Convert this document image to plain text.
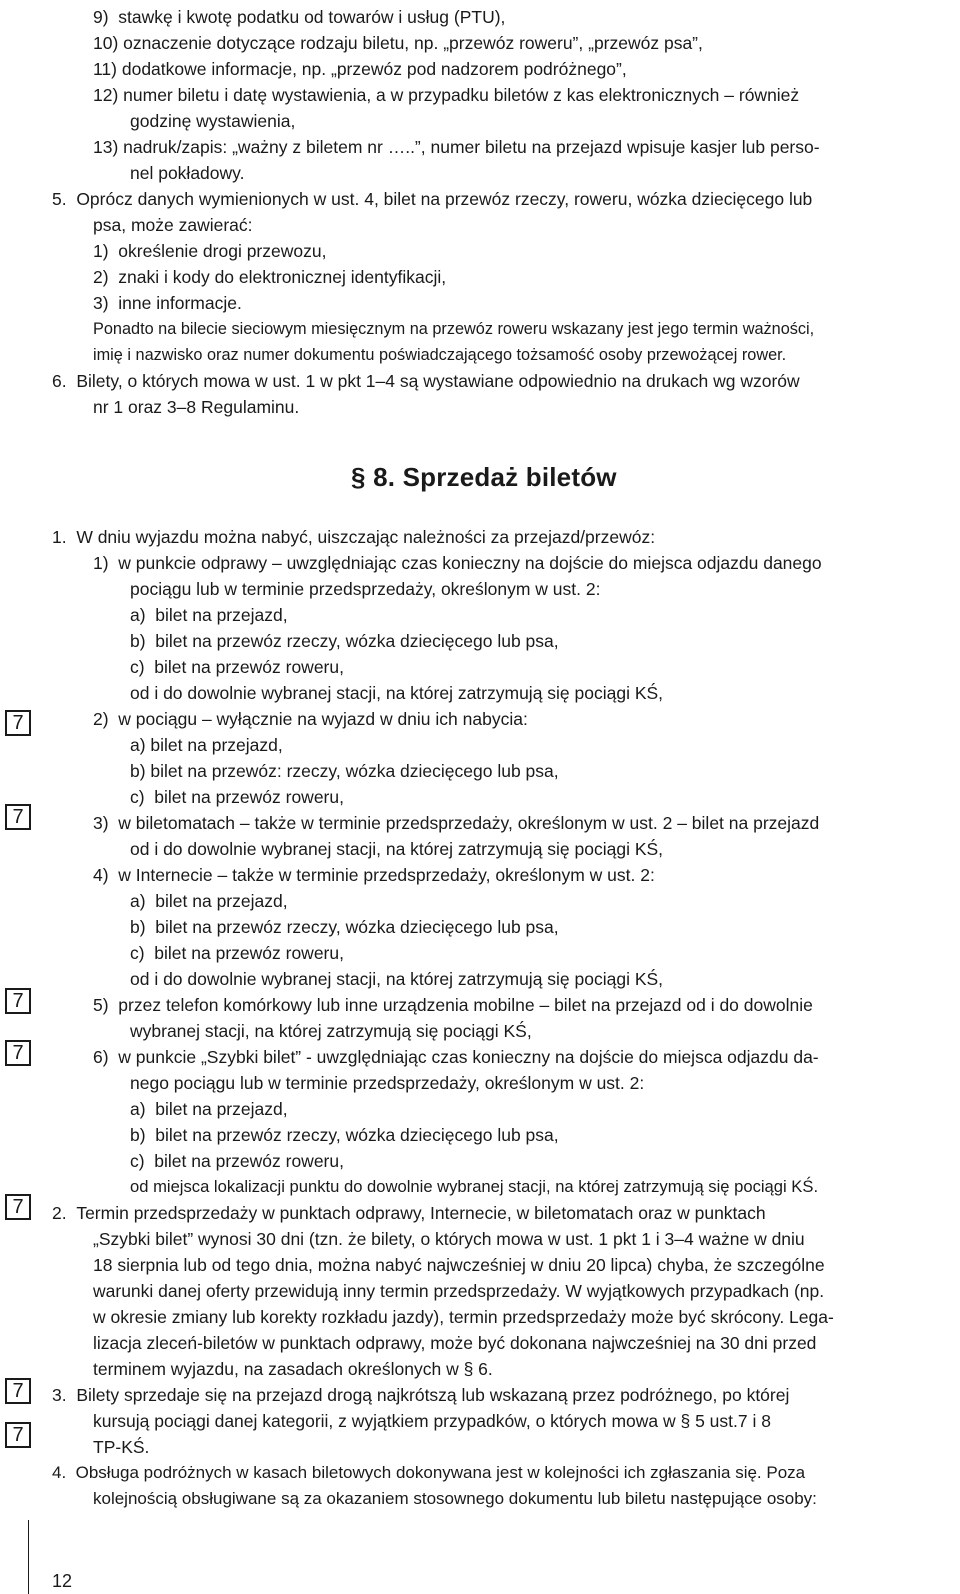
9)  stawkę i kwotę podatku od towarów i usług (PTU),
10) oznaczenie dotyczące rodzaju biletu, np. „przewóz roweru”, „przewóz psa”,
11) dodatkowe informacje, np. „przewóz pod nadzorem podróżnego”,
12) numer biletu i datę wystawienia, a w przypadku biletów z kas elektronicznych – również
godzinę wystawienia,
13) nadruk/zapis: „ważny z biletem nr …..”, numer biletu na przejazd wpisuje kasjer lub perso-
nel pokładowy.
5.  Oprócz danych wymienionych w ust. 4, bilet na przewóz rzeczy, roweru, wózka dziecięcego lub
psa, może zawierać:
1)  określenie drogi przewozu,
2)  znaki i kody do elektronicznej identyfikacji,
3)  inne informacje.
Ponadto na bilecie sieciowym miesięcznym na przewóz roweru wskazany jest jego termin ważności,
imię i nazwisko oraz numer dokumentu poświadczającego tożsamość osoby przewożącej rower.
6.  Bilety, o których mowa w ust. 1 w pkt 1–4 są wystawiane odpowiednio na drukach wg wzorów
nr 1 oraz 3–8 Regulaminu.
§ 8. Sprzedaż biletów
1.  W dniu wyjazdu można nabyć, uiszczając należności za przejazd/przewóz:
1)  w punkcie odprawy – uwzględniając czas konieczny na dojście do miejsca odjazdu danego
pociągu lub w terminie przedsprzedaży, określonym w ust. 2:
a)  bilet na przejazd,
b)  bilet na przewóz rzeczy, wózka dziecięcego lub psa,
c)  bilet na przewóz roweru,
od i do dowolnie wybranej stacji, na której zatrzymują się pociągi KŚ,
2)  w pociągu – wyłącznie na wyjazd w dniu ich nabycia:
a) bilet na przejazd,
b) bilet na przewóz: rzeczy, wózka dziecięcego lub psa,
c)  bilet na przewóz roweru,
3)  w biletomatach – także w terminie przedsprzedaży, określonym w ust. 2 – bilet na przejazd
od i do dowolnie wybranej stacji, na której zatrzymują się pociągi KŚ,
4)  w Internecie – także w terminie przedsprzedaży, określonym w ust. 2:
a)  bilet na przejazd,
b)  bilet na przewóz rzeczy, wózka dziecięcego lub psa,
c)  bilet na przewóz roweru,
od i do dowolnie wybranej stacji, na której zatrzymują się pociągi KŚ,
5)  przez telefon komórkowy lub inne urządzenia mobilne – bilet na przejazd od i do dowolnie
wybranej stacji, na której zatrzymują się pociągi KŚ,
6)  w punkcie „Szybki bilet” - uwzględniając czas konieczny na dojście do miejsca odjazdu da-
nego pociągu lub w terminie przedsprzedaży, określonym w ust. 2:
a)  bilet na przejazd,
b)  bilet na przewóz rzeczy, wózka dziecięcego lub psa,
c)  bilet na przewóz roweru,
od miejsca lokalizacji punktu do dowolnie wybranej stacji, na której zatrzymują się pociągi KŚ.
2.  Termin przedsprzedaży w punktach odprawy, Internecie, w biletomatach oraz w punktach
„Szybki bilet” wynosi 30 dni (tzn. że bilety, o których mowa w ust. 1 pkt 1 i 3–4 ważne w dniu
18 sierpnia lub od tego dnia, można nabyć najwcześniej w dniu 20 lipca) chyba, że szczególne
warunki danej oferty przewidują inny termin przedsprzedaży. W wyjątkowych przypadkach (np.
w okresie zmiany lub korekty rozkładu jazdy), termin przedsprzedaży może być skrócony. Lega-
lizacja zleceń-biletów w punktach odprawy, może być dokonana najwcześniej na 30 dni przed
terminem wyjazdu, na zasadach określonych w § 6.
3.  Bilety sprzedaje się na przejazd drogą najkrótszą lub wskazaną przez podróżnego, po której
kursują pociągi danej kategorii, z wyjątkiem przypadków, o których mowa w § 5 ust.7 i 8
TP-KŚ.
4.  Obsługa podróżnych w kasach biletowych dokonywana jest w kolejności ich zgłaszania się. Poza
kolejnością obsługiwane są za okazaniem stosownego dokumentu lub biletu następujące osoby:
7
7
7
7
7
7
7
12
